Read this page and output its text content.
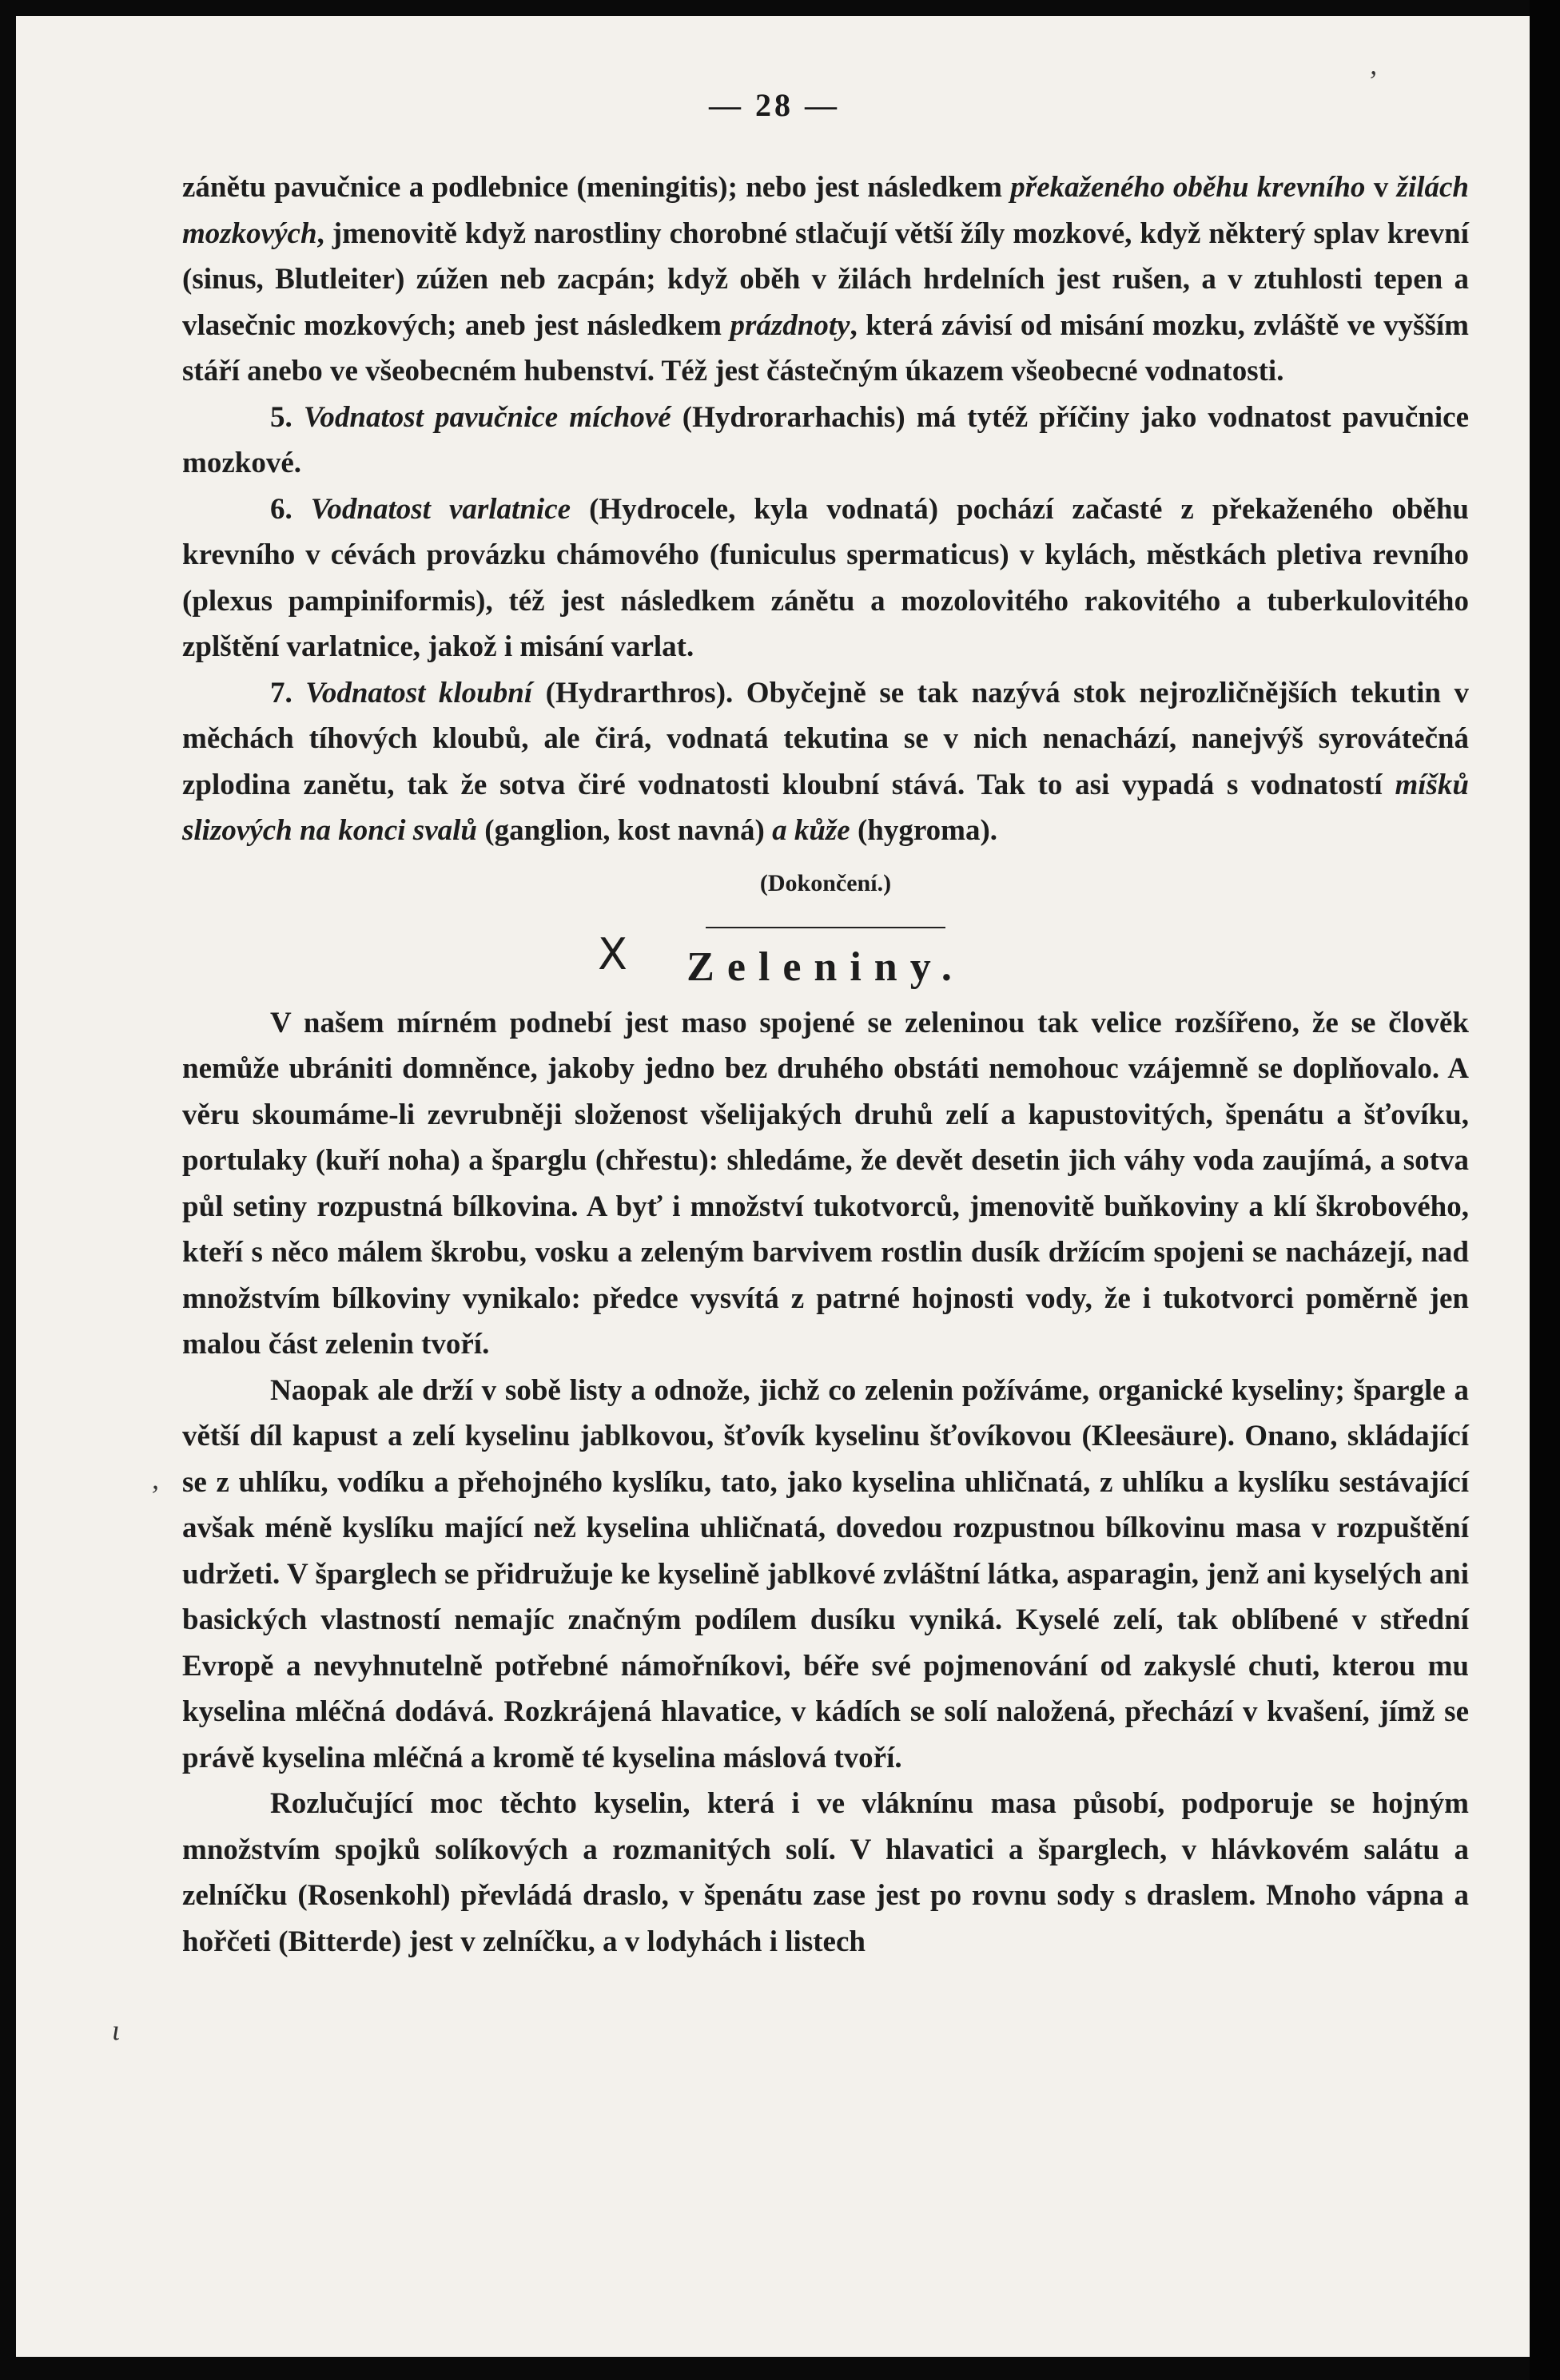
— 28 —

zánětu pavučnice a podlebnice (meningitis); nebo jest následkem překaženého oběhu krevního v žilách mozkových, jmenovitě když narostliny chorobné stlačují větší žíly mozkové, když některý splav krevní (sinus, Blutleiter) zúžen neb zacpán; když oběh v žilách hrdelních jest rušen, a v ztuhlosti tepen a vlasečnic mozkových; aneb jest následkem prázdnoty, která závisí od misání mozku, zvláště ve vyšším stáří anebo ve všeobecném hubenství. Též jest částečným úkazem všeobecné vodnatosti.

5. Vodnatost pavučnice míchové (Hydrorarhachis) má tytéž příčiny jako vodnatost pavučnice mozkové.

6. Vodnatost varlatnice (Hydrocele, kyla vodnatá) pochází začasté z překaženého oběhu krevního v cévách provázku chámového (funiculus spermaticus) v kylách, městkách pletiva revního (plexus pampiniformis), též jest následkem zánětu a mozolovitého rakovitého a tuberkulovitého zplštění varlatnice, jakož i misání varlat.

7. Vodnatost kloubní (Hydrarthros). Obyčejně se tak nazývá stok nejrozličnějších tekutin v měchách tíhových kloubů, ale čirá, vodnatá tekutina se v nich nenachází, nanejvýš syrovátečná zplodina zanětu, tak že sotva čiré vodnatosti kloubní stává. Tak to asi vypadá s vodnatostí míšků slizových na konci svalů (ganglion, kost navná) a kůže (hygroma).

(Dokončení.)
X Zeleniny.

V našem mírném podnebí jest maso spojené se zeleninou tak velice rozšířeno, že se člověk nemůže ubrániti domněnce, jakoby jedno bez druhého obstáti nemohouc vzájemně se doplňovalo. A věru skoumáme-li zevrubněji složenost všelijakých druhů zelí a kapustovitých, špenátu a šťovíku, portulaky (kuří noha) a šparglu (chřestu): shledáme, že devět desetin jich váhy voda zaujímá, a sotva půl setiny rozpustná bílkovina. A byť i množství tukotvorců, jmenovitě buňkoviny a klí škrobového, kteří s něco málem škrobu, vosku a zeleným barvivem rostlin dusík držícím spojeni se nacházejí, nad množstvím bílkoviny vynikalo: předce vysvítá z patrné hojnosti vody, že i tukotvorci poměrně jen malou část zelenin tvoří.

Naopak ale drží v sobě listy a odnože, jichž co zelenin požíváme, organické kyseliny; špargle a větší díl kapust a zelí kyselinu jablkovou, šťovík kyselinu šťovíkovou (Kleesäure). Onano, skládající se z uhlíku, vodíku a přehojného kyslíku, tato, jako kyselina uhličnatá, z uhlíku a kyslíku sestávající avšak méně kyslíku mající než kyselina uhličnatá, dovedou rozpustnou bílkovinu masa v rozpuštění udržeti. V šparglech se přidružuje ke kyselině jablkové zvláštní látka, asparagin, jenž ani kyselých ani basických vlastností nemajíc značným podílem dusíku vyniká. Kyselé zelí, tak oblíbené v střední Evropě a nevyhnutelně potřebné námořníkovi, béře své pojmenování od zakyslé chuti, kterou mu kyselina mléčná dodává. Rozkrájená hlavatice, v kádích se solí naložená, přechází v kvašení, jímž se právě kyselina mléčná a kromě té kyselina máslová tvoří.

Rozlučující moc těchto kyselin, která i ve vláknínu masa působí, podporuje se hojným množstvím spojků solíkových a rozmanitých solí. V hlavatici a šparglech, v hlávkovém salátu a zelníčku (Rosenkohl) převládá draslo, v špenátu zase jest po rovnu sody s draslem. Mnoho vápna a hořčeti (Bitterde) jest v zelníčku, a v lodyhách i listech

ʼ
ι
,
